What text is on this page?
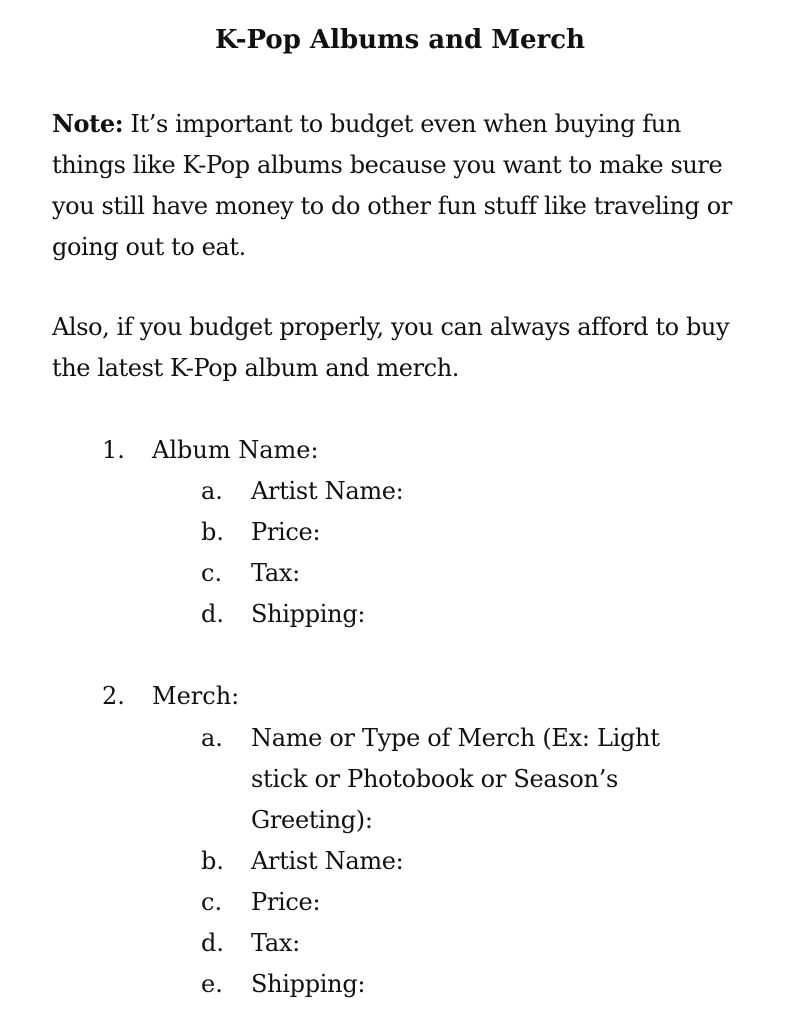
K-Pop Albums and Merch

Note: It’s important to budget even when buying fun things like K-Pop albums because you want to make sure you still have money to do other fun stuff like traveling or going out to eat.

Also, if you budget properly, you can always afford to buy the latest K-Pop album and merch.

1.	Album Name:
a.	Artist Name:
b.	Price:
c.	Tax:
d.	Shipping:
2.	Merch:
a.	Name or Type of Merch (Ex: Light stick or Photobook or Season’s Greeting):
b.	Artist Name:
c.	Price:
d.	Tax:
e.	Shipping:
